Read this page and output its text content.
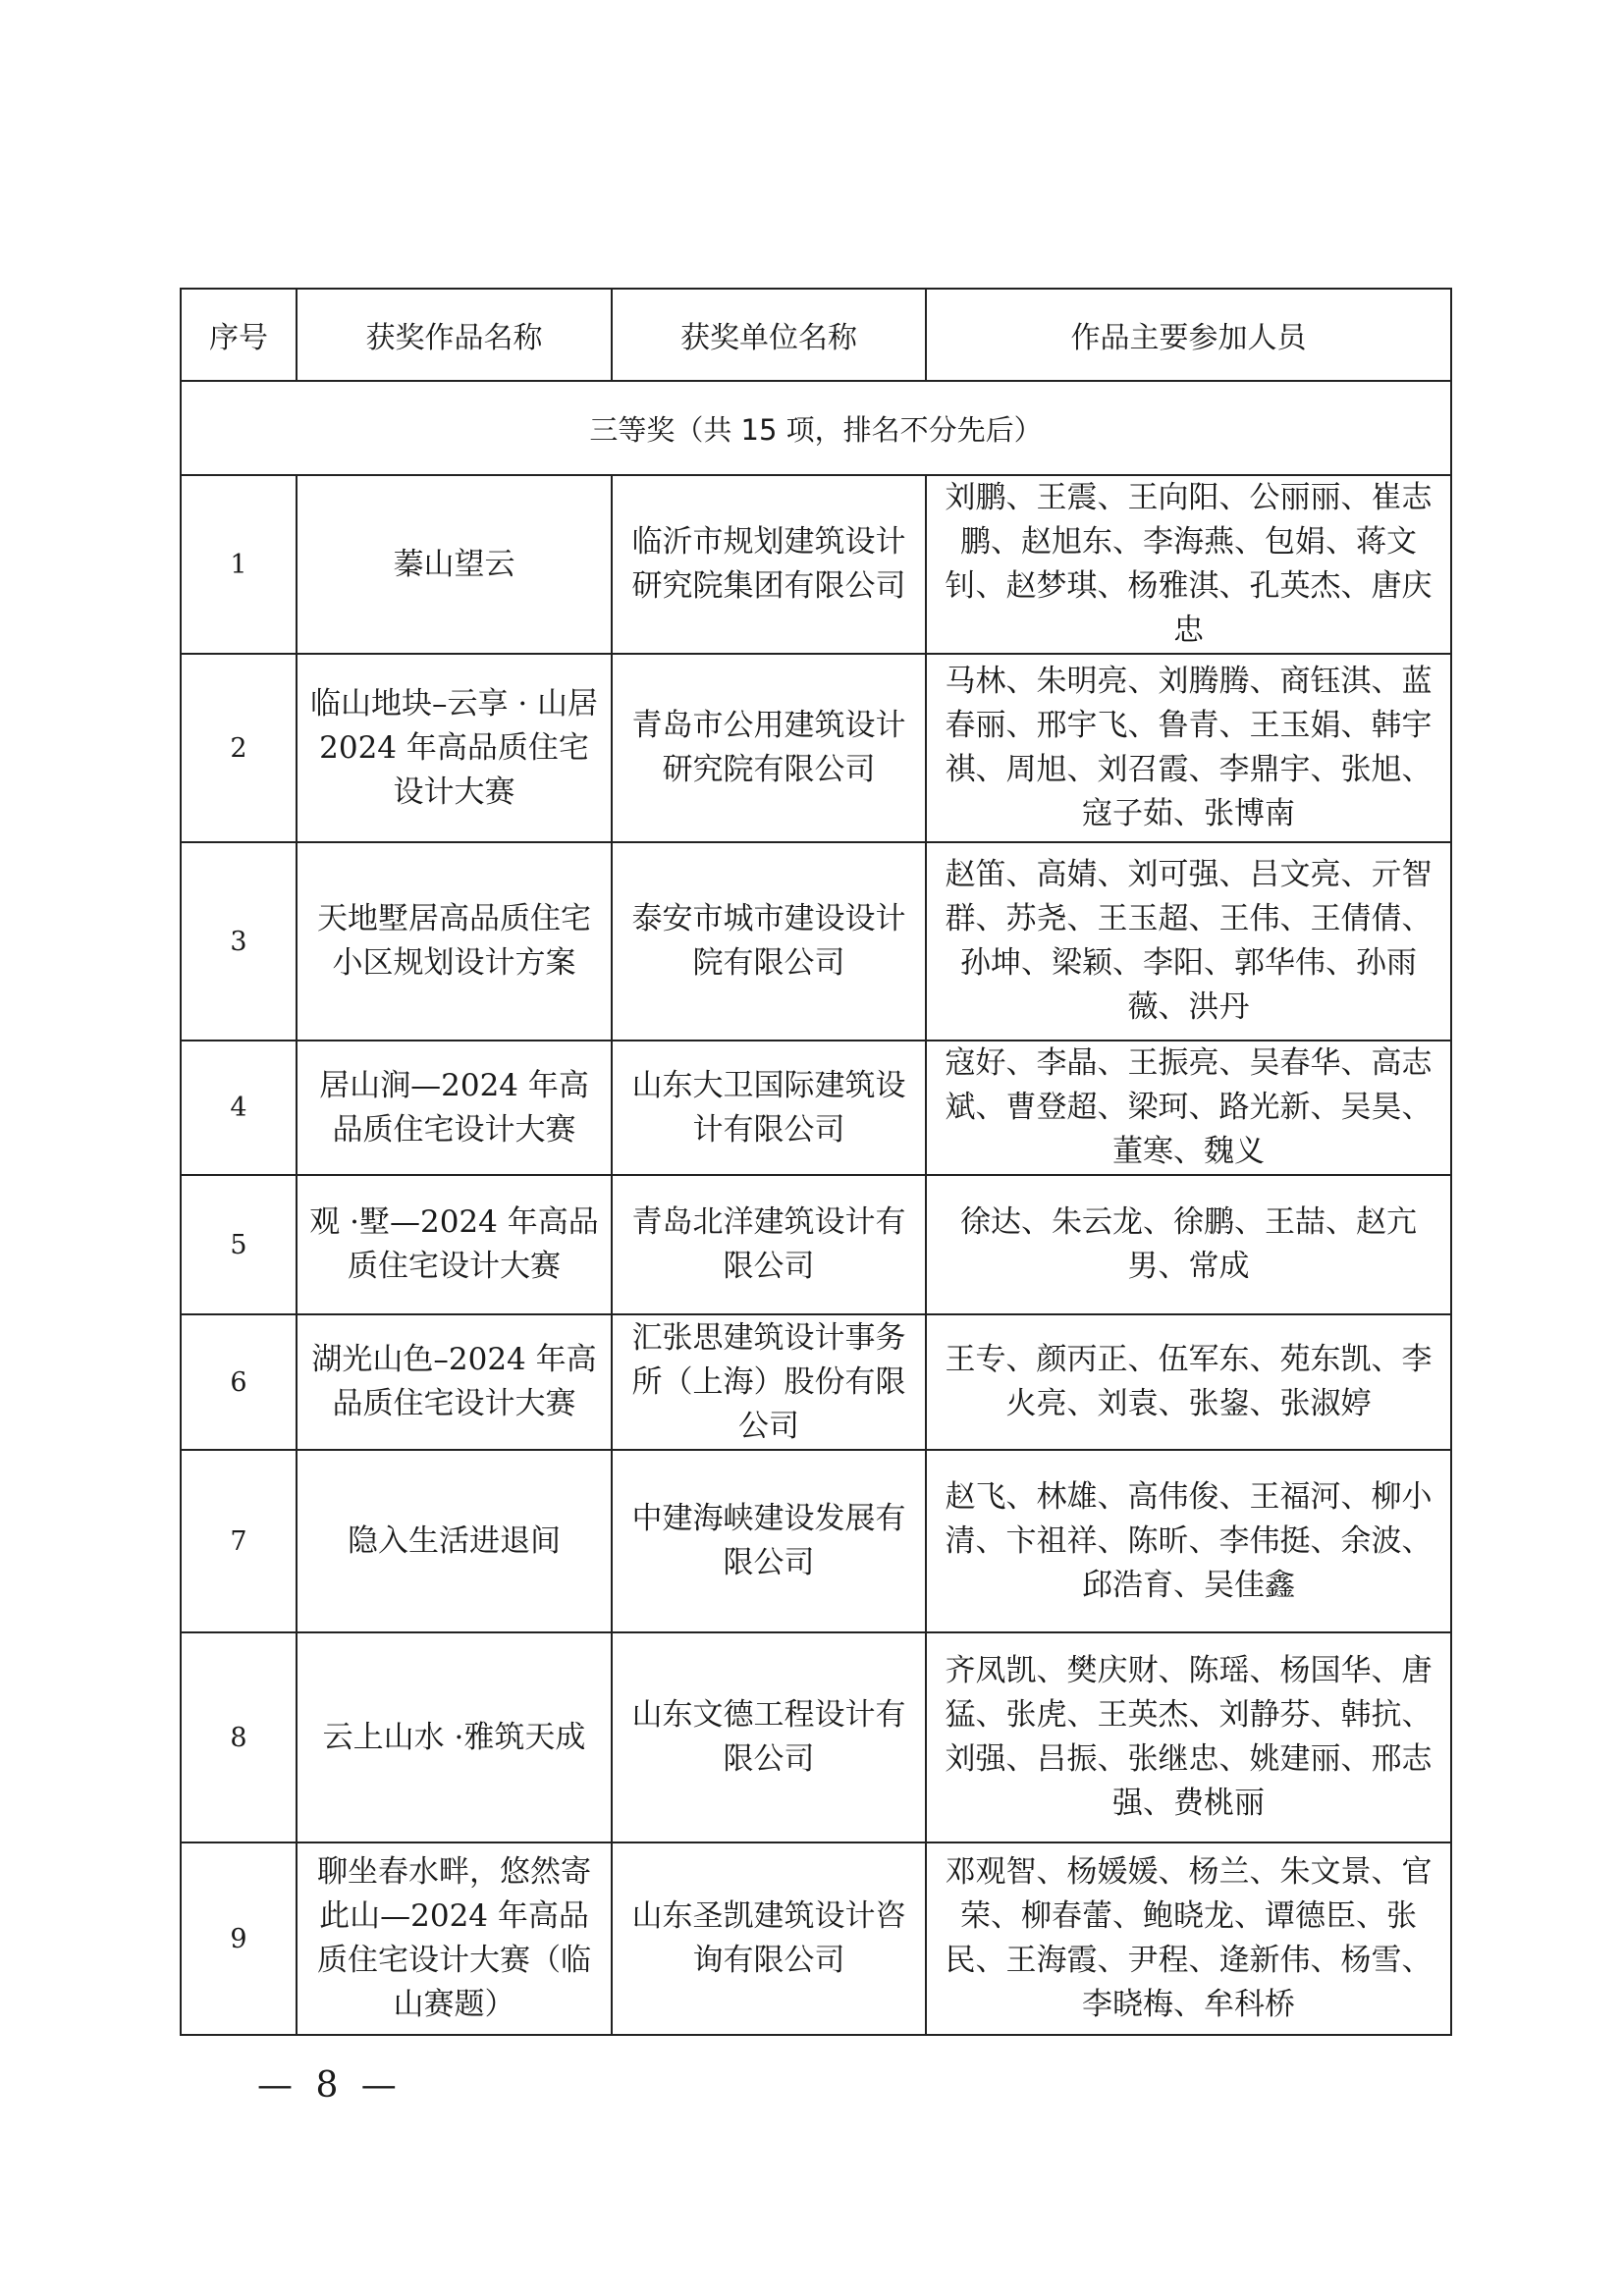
序号	获奖作品名称	获奖单位名称	作品主要参加人员
三等奖（共 15 项，排名不分先后）			
1	蓁山望云	临沂市规划建筑设计研究院集团有限公司	刘鹏、王震、王向阳、公丽丽、崔志鹏、赵旭东、李海燕、包娟、蒋文钊、赵梦琪、杨雅淇、孔英杰、唐庆忠
2	临山地块–云享 · 山居 2024 年高品质住宅设计大赛	青岛市公用建筑设计研究院有限公司	马林、朱明亮、刘腾腾、商钰淇、蓝春丽、邢宇飞、鲁青、王玉娟、韩宇祺、周旭、刘召霞、李鼎宇、张旭、寇子茹、张博南
3	天地墅居高品质住宅小区规划设计方案	泰安市城市建设设计院有限公司	赵笛、高婧、刘可强、吕文亮、亓智群、苏尧、王玉超、王伟、王倩倩、孙坤、梁颖、李阳、郭华伟、孙雨薇、洪丹
4	居山涧—2024 年高品质住宅设计大赛	山东大卫国际建筑设计有限公司	寇好、李晶、王振亮、吴春华、高志斌、曹登超、梁珂、路光新、吴昊、董寒、魏义
5	观 ·墅—2024 年高品质住宅设计大赛	青岛北洋建筑设计有限公司	徐达、朱云龙、徐鹏、王喆、赵亢男、常成
6	湖光山色–2024 年高品质住宅设计大赛	汇张思建筑设计事务所（上海）股份有限公司	王专、颜丙正、伍军东、苑东凯、李火亮、刘袁、张鋆、张淑婷
7	隐入生活进退间	中建海峡建设发展有限公司	赵飞、林雄、高伟俊、王福河、柳小清、卞祖祥、陈昕、李伟挺、余波、邱浩育、吴佳鑫
8	云上山水 ·雅筑天成	山东文德工程设计有限公司	齐凤凯、樊庆财、陈瑶、杨国华、唐猛、张虎、王英杰、刘静芬、韩抗、刘强、吕振、张继忠、姚建丽、邢志强、费桃丽
9	聊坐春水畔，悠然寄此山—2024 年高品质住宅设计大赛（临山赛题）	山东圣凯建筑设计咨询有限公司	邓观智、杨媛媛、杨兰、朱文景、官荣、柳春蕾、鲍晓龙、谭德臣、张民、王海霞、尹程、逄新伟、杨雪、李晓梅、牟科桥
— 8 —
